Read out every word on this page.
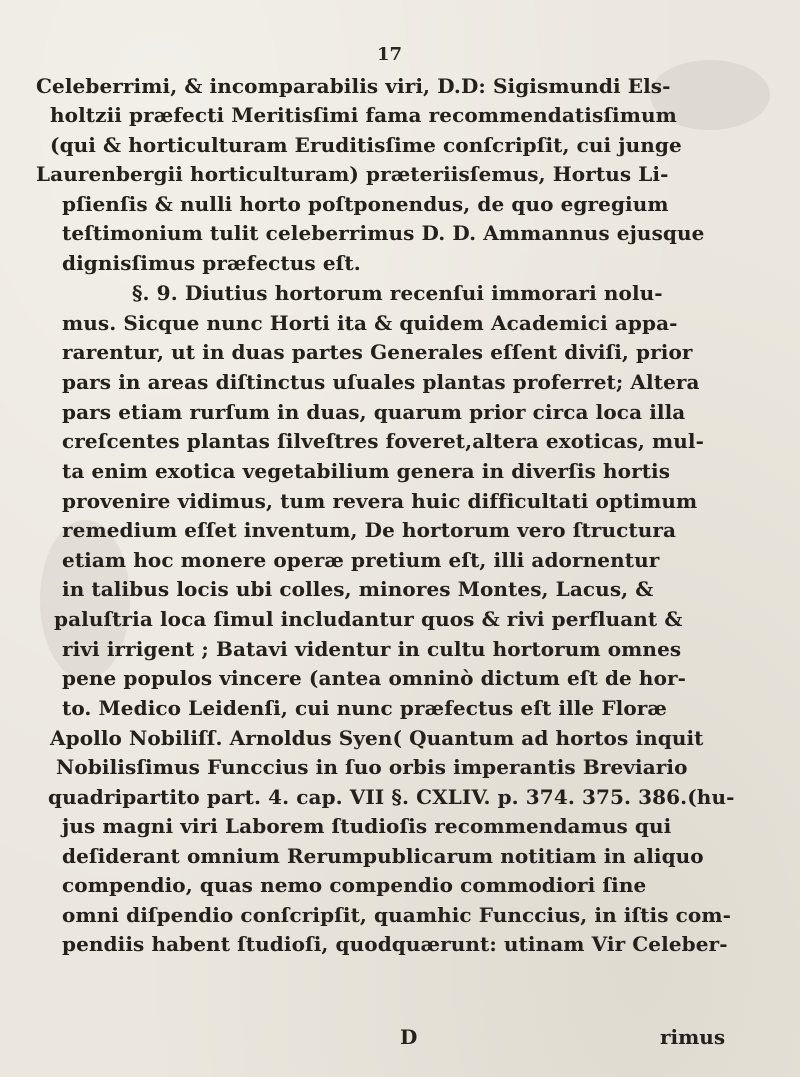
17
Celeberrimi, & incomparabilis viri, D.D: Sigismundi Els-
holtzii præfecti Meritisſimi fama recommendatisſimum
(qui & horticulturam Eruditisſime conſcripſit, cui junge
Laurenbergii horticulturam) præteriisſemus, Hortus Li-
pſienſis & nulli horto poſtponendus, de quo egregium
teſtimonium tulit celeberrimus D. D. Ammannus ejusque
dignisſimus præfectus eſt.
§. 9. Diutius hortorum recenſui immorari nolu-
mus. Sicque nunc Horti ita & quidem Academici appa-
rarentur, ut in duas partes Generales eſſent diviſi, prior
pars in areas diſtinctus uſuales plantas proferret; Altera
pars etiam rurſum in duas, quarum prior circa loca illa
creſcentes plantas ſilveſtres foveret,altera exoticas, mul-
ta enim exotica vegetabilium genera in diverſis hortis
provenire vidimus, tum revera huic difficultati optimum
remedium eſſet inventum, De hortorum vero ſtructura
etiam hoc monere operæ pretium eſt, illi adornentur
in talibus locis ubi colles, minores Montes, Lacus, &
paluſtria loca ſimul includantur quos & rivi perfluant &
rivi irrigent ; Batavi videntur in cultu hortorum omnes
pene populos vincere (antea omninò dictum eſt de hor-
to. Medico Leidenſi, cui nunc præfectus eſt ille Floræ
Apollo Nobiliſſ. Arnoldus Syen( Quantum ad hortos inquit
Nobilisſimus Funccius in ſuo orbis imperantis Breviario
quadripartito part. 4. cap. VII §. CXLIV. p. 374. 375. 386.(hu-
jus magni viri Laborem ſtudioſis recommendamus qui
deſiderant omnium Rerumpublicarum notitiam in aliquo
compendio, quas nemo compendio commodiori ſine
omni diſpendio conſcripſit, quamhic Funccius, in iſtis com-
pendiis habent ſtudioſi, quodquærunt: utinam Vir Celeber-
D	rimus
